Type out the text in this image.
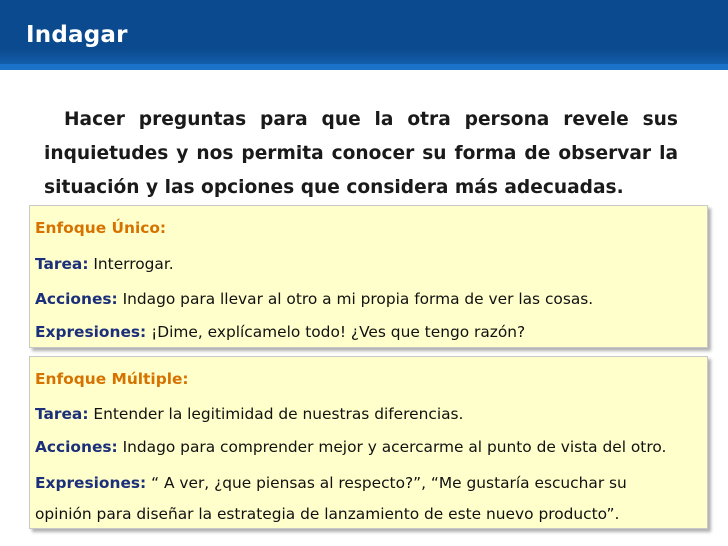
Indagar
Hacer preguntas para que la otra persona revele sus
inquietudes y nos permita conocer su forma de observar la
situación y las opciones que considera más adecuadas.
Enfoque Único:
Tarea: Interrogar.
Acciones: Indago para llevar al otro a mi propia forma de ver las cosas.
Expresiones: ¡Dime, explícamelo todo! ¿Ves que tengo razón?
Enfoque Múltiple:
Tarea: Entender la legitimidad de nuestras diferencias.
Acciones: Indago para comprender mejor y acercarme al punto de vista del otro.
Expresiones: “ A ver, ¿que piensas al respecto?”, “Me gustaría escuchar su
opinión para diseñar la estrategia de lanzamiento de este nuevo producto”.
